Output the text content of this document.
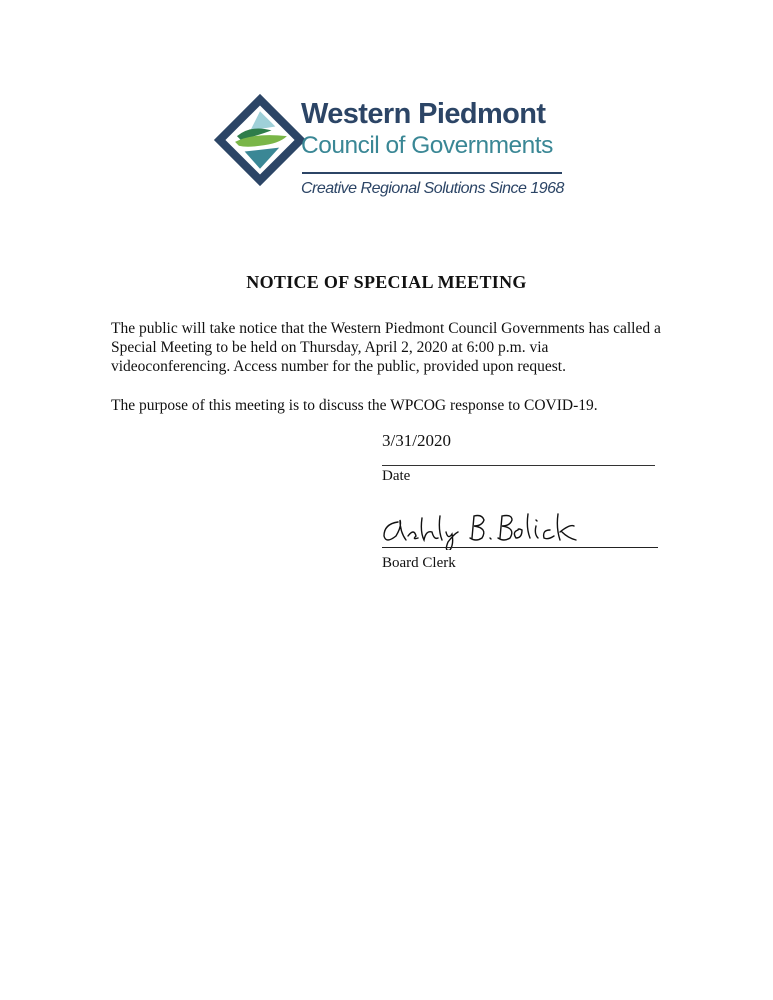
Western Piedmont
Council of Governments
Creative Regional Solutions Since 1968
NOTICE OF SPECIAL MEETING
The public will take notice that the Western Piedmont Council Governments has called a Special Meeting to be held on Thursday, April 2, 2020 at 6:00 p.m. via videoconferencing. Access number for the public, provided upon request.
The purpose of this meeting is to discuss the WPCOG response to COVID-19.
3/31/2020
Date
Board Clerk
